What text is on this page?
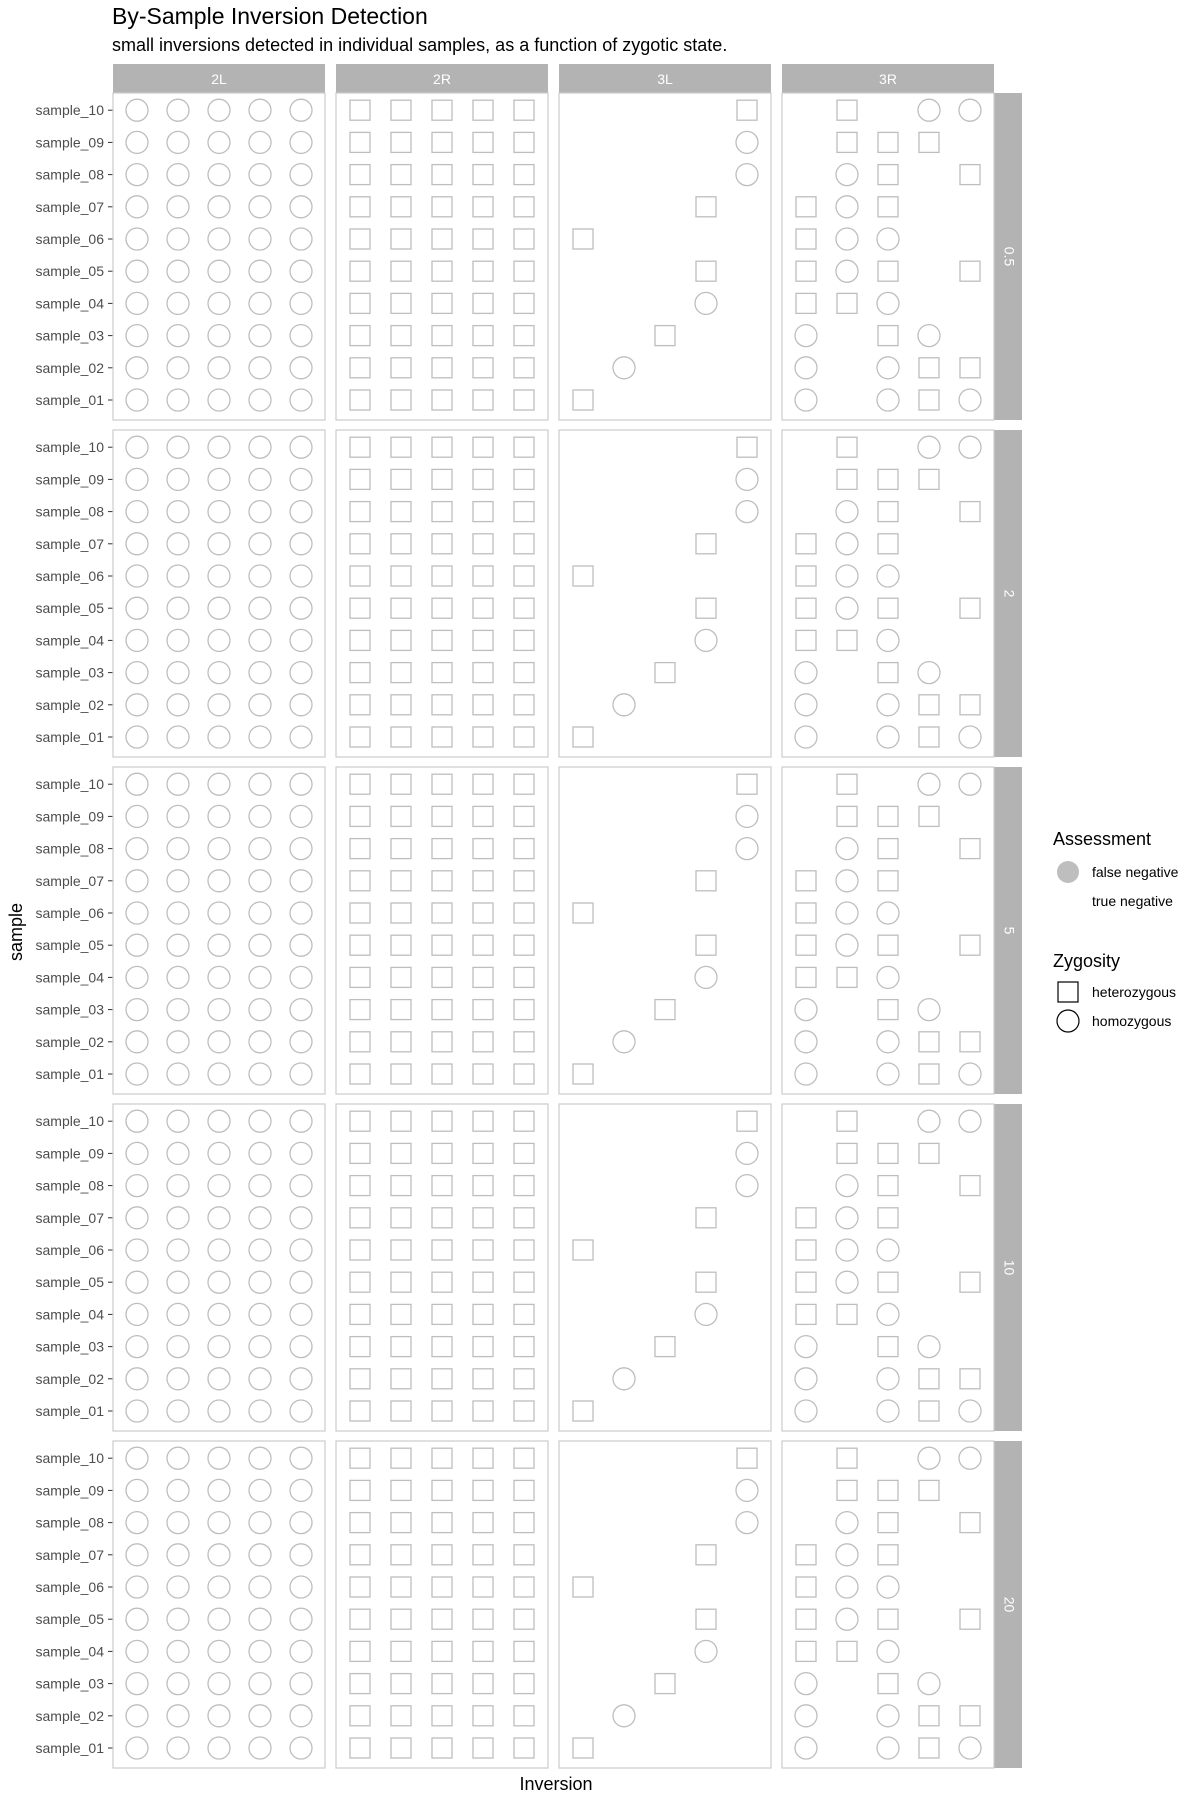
By-Sample Inversion Detection
small inversions detected in individual samples, as a function of zygotic state.
Inversion
sample
2L	2R	3L	3R
0.5
sample_01
sample_02
sample_03
sample_04
sample_05
sample_06
sample_07
sample_08
sample_09
sample_10
2
sample_01
sample_02
sample_03
sample_04
sample_05
sample_06
sample_07
sample_08
sample_09
sample_10
5
sample_01
sample_02
sample_03
sample_04
sample_05
sample_06
sample_07
sample_08
sample_09
sample_10
10
sample_01
sample_02
sample_03
sample_04
sample_05
sample_06
sample_07
sample_08
sample_09
sample_10
20
sample_01
sample_02
sample_03
sample_04
sample_05
sample_06
sample_07
sample_08
sample_09
sample_10
Assessment
false negative
true negative
Zygosity
heterozygous
homozygous
